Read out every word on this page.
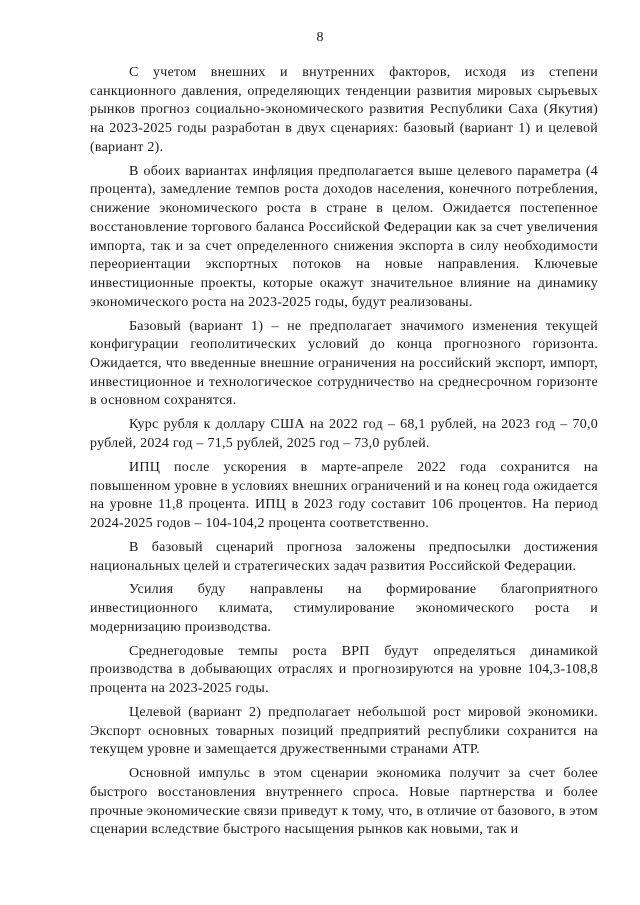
8

С учетом внешних и внутренних факторов, исходя из степени санкционного давления, определяющих тенденции развития мировых сырьевых рынков прогноз социально-экономического развития Республики Саха (Якутия) на 2023-2025 годы разработан в двух сценариях: базовый (вариант 1) и целевой (вариант 2).

В обоих вариантах инфляция предполагается выше целевого параметра (4 процента), замедление темпов роста доходов населения, конечного потребления, снижение экономического роста в стране в целом. Ожидается постепенное восстановление торгового баланса Российской Федерации как за счет увеличения импорта, так и за счет определенного снижения экспорта в силу необходимости переориентации экспортных потоков на новые направления. Ключевые инвестиционные проекты, которые окажут значительное влияние на динамику экономического роста на 2023-2025 годы, будут реализованы.

Базовый (вариант 1) – не предполагает значимого изменения текущей конфигурации геополитических условий до конца прогнозного горизонта. Ожидается, что введенные внешние ограничения на российский экспорт, импорт, инвестиционное и технологическое сотрудничество на среднесрочном горизонте в основном сохранятся.

Курс рубля к доллару США на 2022 год – 68,1 рублей, на 2023 год – 70,0 рублей, 2024 год – 71,5 рублей, 2025 год – 73,0 рублей.

ИПЦ после ускорения в марте-апреле 2022 года сохранится на повышенном уровне в условиях внешних ограничений и на конец года ожидается на уровне 11,8 процента. ИПЦ в 2023 году составит 106 процентов. На период 2024-2025 годов – 104-104,2 процента соответственно.

В базовый сценарий прогноза заложены предпосылки достижения национальных целей и стратегических задач развития Российской Федерации.

Усилия буду направлены на формирование благоприятного инвестиционного климата, стимулирование экономического роста и модернизацию производства.

Среднегодовые темпы роста ВРП будут определяться динамикой производства в добывающих отраслях и прогнозируются на уровне 104,3-108,8 процента на 2023-2025 годы.

Целевой (вариант 2) предполагает небольшой рост мировой экономики. Экспорт основных товарных позиций предприятий республики сохранится на текущем уровне и замещается дружественными странами АТР.

Основной импульс в этом сценарии экономика получит за счет более быстрого восстановления внутреннего спроса. Новые партнерства и более прочные экономические связи приведут к тому, что, в отличие от базового, в этом сценарии вследствие быстрого насыщения рынков как новыми, так и
